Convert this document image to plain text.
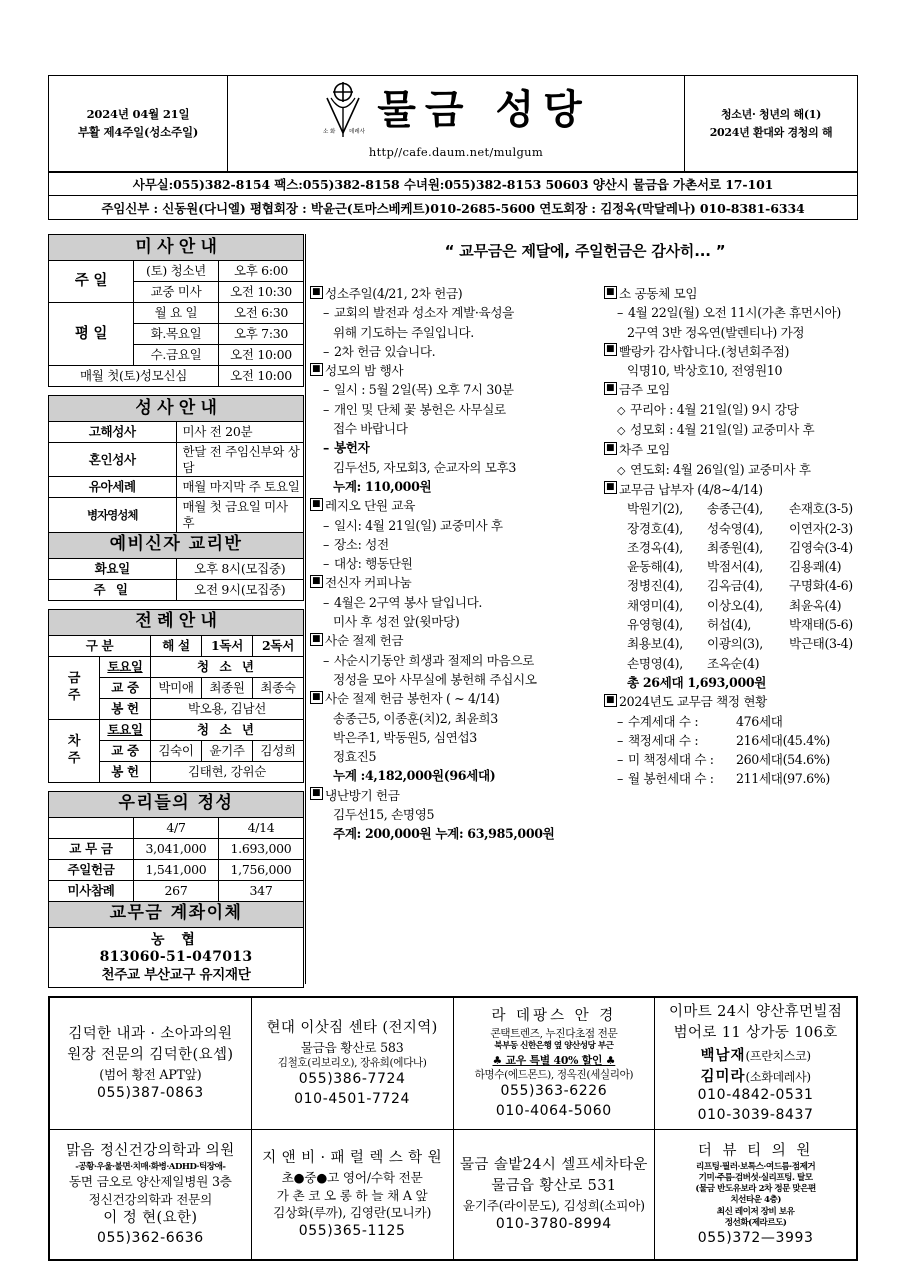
2024년 04월 21일
부활 제4주일(성소주일)	소 화 데레사 물금 성당
http//cafe.daum.net/mulgum
청소년· 청년의 해(1)
2024년 환대와 경청의 해
사무실:055)382-8154 팩스:055)382-8158 수녀원:055)382-8153 50603 양산시 물금읍 가촌서로 17-101
주임신부 : 신동원(다니엘) 평협회장 : 박윤근(토마스베케트)010-2685-5600 연도회장 : 김정옥(막달레나) 010-8381-6334
미 사 안 내		
주 일	(토) 청소년	오후 6:00
	교중 미사	오전 10:30
평 일	월 요 일	오전 6:30
	화.목요일	오후 7:30
	수.금요일	오전 10:00
매월 첫(토)성모신심		오전 10:00
성 사 안 내	
고해성사	미사 전 20분
혼인성사	한달 전 주임신부와 상담
유아세례	매월 마지막 주 토요일
병자영성체	매월 첫 금요일 미사 후
예비신자 교리반	
화요일	오후 8시(모집중)
주 일	오전 9시(모집중)
전 례 안 내				
구 분		해 설	1독서	2독서
금
주	토요일	청 소 년		
	교 중	박미애	최종원	최종숙
	봉 헌	박오용, 김남선		
차
주	토요일	청 소 년		
	교 중	김숙이	윤기주	김성희
	봉 헌	김태현, 강위순		
우리들의 정성		
	4/7	4/14
교 무 금	3,041,000	1.693,000
주일헌금	1,541,000	1,756,000
미사참례	267	347
교무금 계좌이체		

농 협
813060-51-047013
천주교 부산교구 유지재단		
“ 교무금은 제달에, 주일헌금은 감사히... ”
■ 성소주일(4/21, 2차 헌금)
– 교회의 발전과 성소자 계발·육성을
위해 기도하는 주일입니다.
– 2차 헌금 있습니다.
■ 성모의 밤 행사
– 일시 : 5월 2일(목) 오후 7시 30분
– 개인 및 단체 꽃 봉헌은 사무실로
접수 바랍니다
– 봉헌자
김두선5, 자모회3, 순교자의 모후3
누계: 110,000원
■ 레지오 단원 교육
– 일시: 4월 21일(일) 교중미사 후
– 장소: 성전
– 대상: 행동단원
■ 전신자 커피나눔
– 4월은 2구역 봉사 달입니다.
미사 후 성전 앞(윗마당)
■ 사순 절제 헌금
– 사순시기동안 희생과 절제의 마음으로
정성을 모아 사무실에 봉헌해 주십시오
■ 사순 절제 헌금 봉헌자 ( ~ 4/14)
송종근5, 이종훈(치)2, 최윤희3
박은주1, 박동원5, 심연섭3
정효진5
누계 :4,182,000원(96세대)
■ 냉난방기 헌금
김두선15, 손명영5
주계: 200,000원 누계: 63,985,000원
■ 소 공동체 모임
– 4월 22일(월) 오전 11시(가촌 휴먼시아)
2구역 3반 정옥연(발렌티나) 가정
■ 빨랑카 감사합니다.(청년회주점)
익명10, 박상호10, 전영원10
■ 금주 모임
◇ 꾸리아 : 4월 21일(일) 9시 강당
◇ 성모회 : 4월 21일(일) 교중미사 후
■ 차주 모임
◇ 연도회: 4월 26일(일) 교중미사 후
■ 교무금 납부자 (4/8~4/14)
박원기(2),	송종근(4),	손재호(3-5)
장경호(4),	성숙영(4),	이연자(2-3)
조경옥(4),	최종원(4),	김영숙(3-4)
윤동해(4),	박점서(4),	김용쾌(4)
정병진(4),	김옥금(4),	구명화(4-6)
채영미(4),	이상오(4),	최윤옥(4)
유영형(4),	허섭(4),	박재태(5-6)
최용보(4),	이광의(3),	박근태(3-4)
손명영(4),	조옥순(4)
총 26세대 1,693,000원
■ 2024년도 교무금 책정 현황
– 수계세대 수 :	476세대
– 책정세대 수 :	216세대(45.4%)
– 미 책정세대 수 :	260세대(54.6%)
– 월 봉헌세대 수 :	211세대(97.6%)
김덕한 내과 · 소아과의원
원장 전문의 김덕한(요셉)
(범어 황전 APT앞)
055)387-0863

현대 이삿짐 센타 (전지역)
물금읍 황산로 583
김철호(리보리오), 장유희(에다나)
055)386-7724
010-4501-7724

라 데팡스 안 경
콘택트렌즈, 누진다초점 전문
북부동 신한은행 옆 양산성당 부근
♣ 교우 특별 40% 할인 ♣
하명수(에드몬드), 정옥진(세실리아)
055)363-6226
010-4064-5060

이마트 24시 양산휴먼빌점
범어로 11 상가동 106호
백남재(프란치스코)
김미라(소화데레사)
010-4842-0531
010-3039-8437

맑음 정신건강의학과 의원
-공황·우울·불면·치매·화병·ADHD·틱장애-
동면 금오로 양산제일병원 3층
정신건강의학과 전문의
이 정 현(요한)
055)362-6636

지 앤 비 · 패 럴 렉 스 학 원
초●중●고 영어/수학 전문
가 촌 코 오 롱 하 늘 채 A 앞
김상화(루까), 김영란(모니카)
055)365-1125

물금 솔밭24시 셀프세차타운
물금읍 황산로 531
윤기주(라이문도), 김성희(소피아)
010-3780-8994

더 뷰 티 의 원
리프팅·필러·보톡스·여드름·점제거
기미·주름·검버섯·실리프팅. 탈모
(물금 반도유보라 2차 정문 맞은편
치선타운 4층)
최신 레이저 장비 보유
정선화(제라르도)
055)372—3993
